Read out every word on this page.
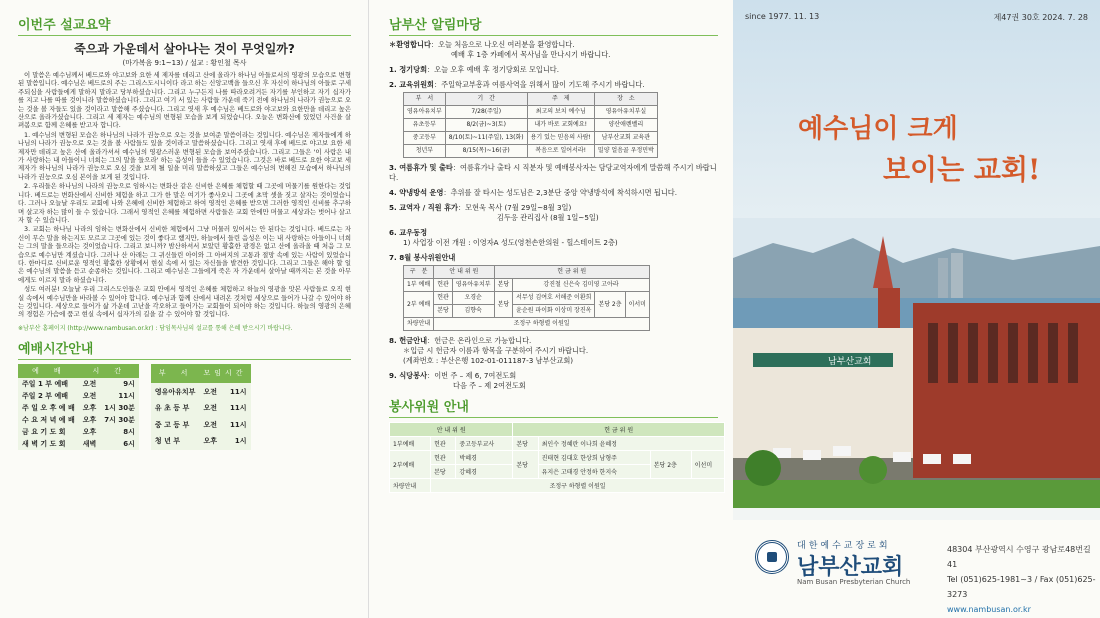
이번주 설교요약
죽으과 가운데서 살아나는 것이 무엇일까?
(마가복음 9:1~13) / 설교 : 황인철 목사

이 말씀은 예수님께서 베드로와 야고보와 요한 세 제자를 데리고 산에 올라가 하나님 아들로서의 영광의 모습으로 변형된 말씀입니다. 예수님은 베드로의 주는 그리스도시니이다 라고 하는 신앙고백을 들으신 후 자신이 하나님의 아들로 구세주되심을 사람들에게 말하지 말라고 당부하셨습니다. 그리고 누구든지 나를 따라오려거든 자기를 부인하고 자기 십자가를 지고 나를 따를 것이니라 말씀하셨습니다. 그리고 여기 서 있는 사람들 가운데 죽기 전에 하나님의 나라가 권능으로 오는 것을 볼 자들도 있을 것이라고 말씀해 주셨습니다. 그리고 엿새 후 예수님은 베드로와 야고보와 요한만을 데리고 높은 산으로 올라가셨습니다. 그리고 세 제자는 예수님의 변형된 모습을 보게 되었습니다. 오늘은 변화산에 있었던 사건을 살펴봄으로 함께 은혜를 받고자 합니다.

1. 예수님의 변형된 모습은 하나님의 나라가 권능으로 오는 것을 보여준 말씀이라는 것입니다. 예수님은 제자들에게 하나님의 나라가 권능으로 오는 것을 볼 사람들도 있을 것이라고 말씀하셨습니다. 그리고 엿새 후에 베드로 야고보 요한 세 제자만 데리고 높은 산에 올라가셔서 예수님의 영광스러운 변형된 모습을 보여주셨습니다. 그리고 그들은 '이 사람은 내가 사랑하는 내 아들이니 너희는 그의 말을 들으라' 하는 음성이 들을 수 있었습니다. 그것은 바로 베드로 요한 야고보 세 제자가 하나님의 나라가 권능으로 오심 것을 보게 될 일을 미리 말씀하셨고 그들은 예수님의 변해진 모습에서 하나님의 나라가 권능으로 오심 본이을 보게 된 것입니다.

2. 우리들은 하나님의 나라의 권능으로 임하시는 변화산 같은 신비한 은혜를 체험할 때 그곳에 머물기를 원한다는 것입니다. 베드로는 변화산에서 신비한 체험을 하고 그가 한 말은 여기가 좋사오니 그곳에 초막 셋을 짓고 살자는 것이었습니다. 그러나 오늘날 우리도 교회에 나와 은혜에 신비한 체험하고 하여 영적인 은혜를 받으면 그러한 영적인 신비를 추구하며 살고자 하는 많이 들 수 있습니다. 그래서 영적인 은혜를 체험하면 사람들은 교회 안에만 머물고 세상과는 벗어나 살고자 할 수 있습니다.

3. 교회는 하나님 나라의 임하는 변화산에서 신비한 체험에서 그냥 머물러 있어서는 안 된다는 것입니다. 베드로는 자신이 무슨 말을 하는지도 모르고 그곳에 있는 것이 좋다고 했지만, 하늘에서 들린 음성은 이는 내 사랑하는 아들이니 너희는 그의 말을 들으라는 것이었습니다. 그리고 보니까? 밤산하셔서 보았던 황홀한 광경은 없고 산에 올라올 때 처음 그 모습으로 예수님만 계셨습니다. 그러나 산 아래는 그 귀신들린 아이와 그 아버지의 고통과 절망 속에 있는 사람이 있었습니다. 한마디로 신비로운 영적인 황홀한 상황에서 현실 속에 서 있는 자신들을 발견한 것입니다. 그리고 그들은 해야 할 일은 예수님의 말씀을 듣고 순종하는 것입니다. 그리고 예수님은 그들에게 죽은 자 가운데서 살아날 때까지는 본 것을 아무에게도 이르지 말라 하셨습니다.

성도 여러분! 오늘날 우리 그리스도인들은 교회 안에서 영적인 은혜를 체험하고 하늘의 영광을 맛본 사람들로 오직 현실 속에서 예수님만을 바라볼 수 있어야 합니다. 예수님과 함께 산에서 내려온 것처럼 세상으로 들어가 나갈 수 있어야 하는 것입니다. 세상으로 들어가 삶 가운데 고난을 각오하고 들어가는 교회들이 되어야 하는 것입니다. 하늘의 영광의 은혜의 경험은 가슴에 품고 현실 속에서 십자가의 길을 갈 수 있어야 할 것입니다.

※남부산 홈페이지 (http://www.nambusan.or.kr) : 담임목사님의 설교를 통해 은혜 받으시기 바랍니다.
예배시간안내
예　배	시　간	
주일 1 부 예배	오전	9시
주일 2 부 예배	오전	11시
주 일 오 후 예 배	오후	1시 30분
수 요 저 녁 예 배	오후	7시 30분
금 요 기 도 회	오후	8시
새 벽 기 도 회	새벽	6시
부　서	모임시간	
영유아유치부	오전	11시
유 초 등 부	오전	11시
중 고 등 부	오전	11시
청 년 부	오후	1시
남부산 알림마당
＊환영합니다：오늘 처음으로 나오신 여러분을 환영합니다.
예배 후 1층 카페에서 목사님을 만나시기 바랍니다.
1. 정기당회：오늘 오후 예배 후 정기당회로 모입니다.
2. 교육위원회：주일학교부흥과 여름사역을 위해서 많이 기도해 주시기 바랍니다.
부　서	기　간	주　제	장　소
영유아유치부	7/28(주일)	최고의 보치 예수님	영유아유치부실
유초등부	8/2(금)~3(토)	내가 바로 교회예요!	양산애렌벨리
중고등부	8/10(토)~11(주일), 13(화)	용기 있는 믿음의 사람!	남부산교회 교육관
청년부	8/15(목)~16(금)	복음으로 일어서라!	밀양 얼음골 우정민박
3. 여름휴가 및 출타：여름휴가나 출타 시 직분자 및 예배봉사자는 담당교역자에게 말씀해 주시기 바랍니다.
4. 약냉방석 운영：추위를 잘 타시는 성도님은 2,3분단 중앙 약냉방석에 착석하시면 됩니다.
5. 교역자 / 직원 휴가：모현욱 목사 (7월 29일~8월 3일)
김두응 관리집사 (8월 1일~5일)
6. 교우동정
1) 사업장 이전 개원 : 이영자A 성도(영천손한의원 - 힐스테이트 2층)
7. 8월 봉사위원안내
구　분	안 내 위 원		헌 금 위 원			
1부 예배	헌관	영유아유치부	본당	강진철 신은숙 김미영 고아라		
2부 예배	헌관	오경순	본당	서무성 김여호 서해준 이환희	본당 2층	이서미
	본당	김향숙		윤순원 파이화 이상미 장진옥		
차량안내	조정구 하형렬 이원일					
8. 헌금안내：헌금은 온라인으로 가능합니다.
＊입금 시 헌금자 이름과 항목을 구분하여 주시기 바랍니다.
(계좌번호 : 부산은행 102-01-011187-3 남부산교회)
9. 식당봉사：이번 주 – 제 6, 7여전도회
다음 주 – 제 2여전도회
봉사위원 안내
안 내 위 원			헌 금 위 원			
1부예배	헌관	중고등부교사	본당	최인수 정혜란 이나희 윤혜정		
2부예배	헌관	박혜경	본당	진태현 김대호 한상희 남형주	본당 2층	이선미
	본당	강혜경		유지은 고태경 안정하 한지숙		
차량안내	조정구 하형렬 이원일					
since 1977. 11. 13	제47권 30호 2024. 7. 28
예수님이 크게
보이는 교회!
남부산교회
대한예수교장로회
남부산교회
Nam Busan Presbyterian Church
48304 부산광역시 수영구 광남로48번길 41
Tel (051)625-1981~3 / Fax (051)625-3273
www.nambusan.or.kr
